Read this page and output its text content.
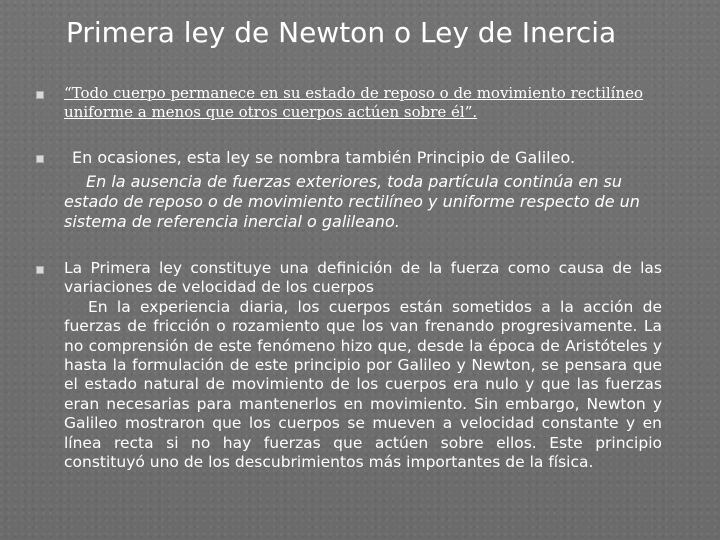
Primera ley de Newton o Ley de Inercia
“Todo cuerpo permanece en su estado de reposo o de movimiento rectilíneo uniforme a menos que otros cuerpos actúen sobre él”.
En ocasiones, esta ley se nombra también Principio de Galileo.

En la ausencia de fuerzas exteriores, toda partícula continúa en su estado de reposo o de movimiento rectilíneo y uniforme respecto de un sistema de referencia inercial o galileano.

La Primera ley constituye una definición de la fuerza como causa de las variaciones de velocidad de los cuerpos

En la experiencia diaria, los cuerpos están sometidos a la acción de fuerzas de fricción o rozamiento que los van frenando progresivamente. La no comprensión de este fenómeno hizo que, desde la época de Aristóteles y hasta la formulación de este principio por Galileo y Newton, se pensara que el estado natural de movimiento de los cuerpos era nulo y que las fuerzas eran necesarias para mantenerlos en movimiento. Sin embargo, Newton y Galileo mostraron que los cuerpos se mueven a velocidad constante y en línea recta si no hay fuerzas que actúen sobre ellos. Este principio constituyó uno de los descubrimientos más importantes de la física.
